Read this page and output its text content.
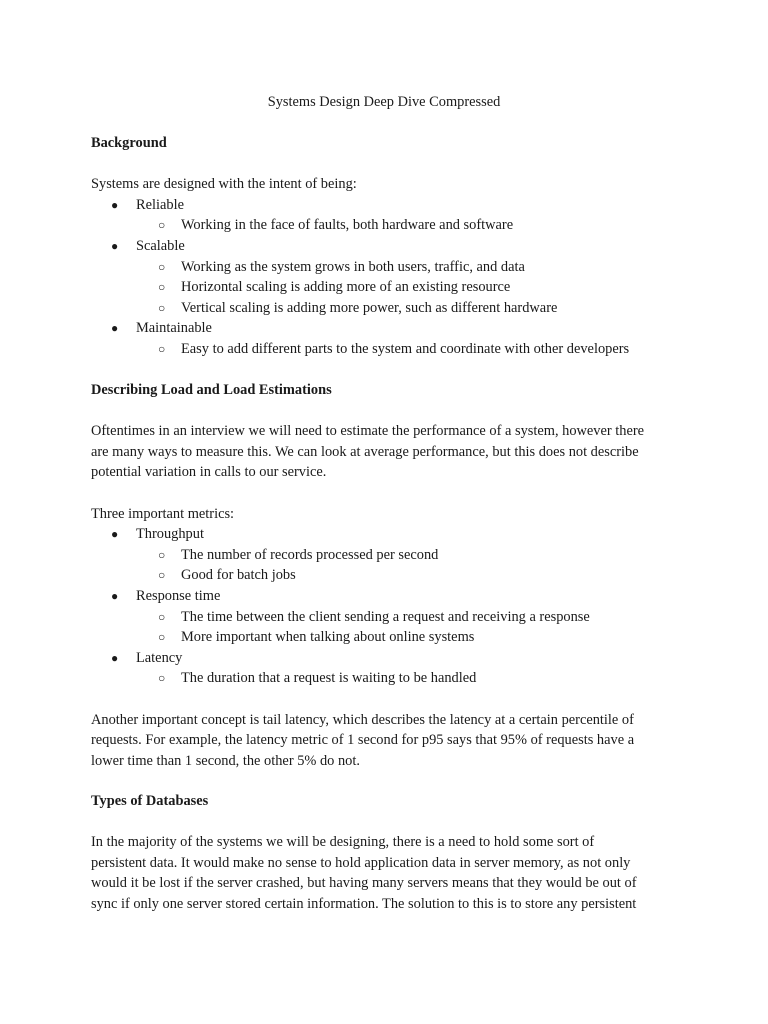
Systems Design Deep Dive Compressed
Background

Systems are designed with the intent of being:

● Reliable
○ Working in the face of faults, both hardware and software
● Scalable
○ Working as the system grows in both users, traffic, and data
○ Horizontal scaling is adding more of an existing resource
○ Vertical scaling is adding more power, such as different hardware
● Maintainable
○ Easy to add different parts to the system and coordinate with other developers
Describing Load and Load Estimations

Oftentimes in an interview we will need to estimate the performance of a system, however there

are many ways to measure this. We can look at average performance, but this does not describe

potential variation in calls to our service.

Three important metrics:

● Throughput
○ The number of records processed per second
○ Good for batch jobs
● Response time
○ The time between the client sending a request and receiving a response
○ More important when talking about online systems
● Latency
○ The duration that a request is waiting to be handled

Another important concept is tail latency, which describes the latency at a certain percentile of

requests. For example, the latency metric of 1 second for p95 says that 95% of requests have a

lower time than 1 second, the other 5% do not.

Types of Databases

In the majority of the systems we will be designing, there is a need to hold some sort of

persistent data. It would make no sense to hold application data in server memory, as not only

would it be lost if the server crashed, but having many servers means that they would be out of

sync if only one server stored certain information. The solution to this is to store any persistent
